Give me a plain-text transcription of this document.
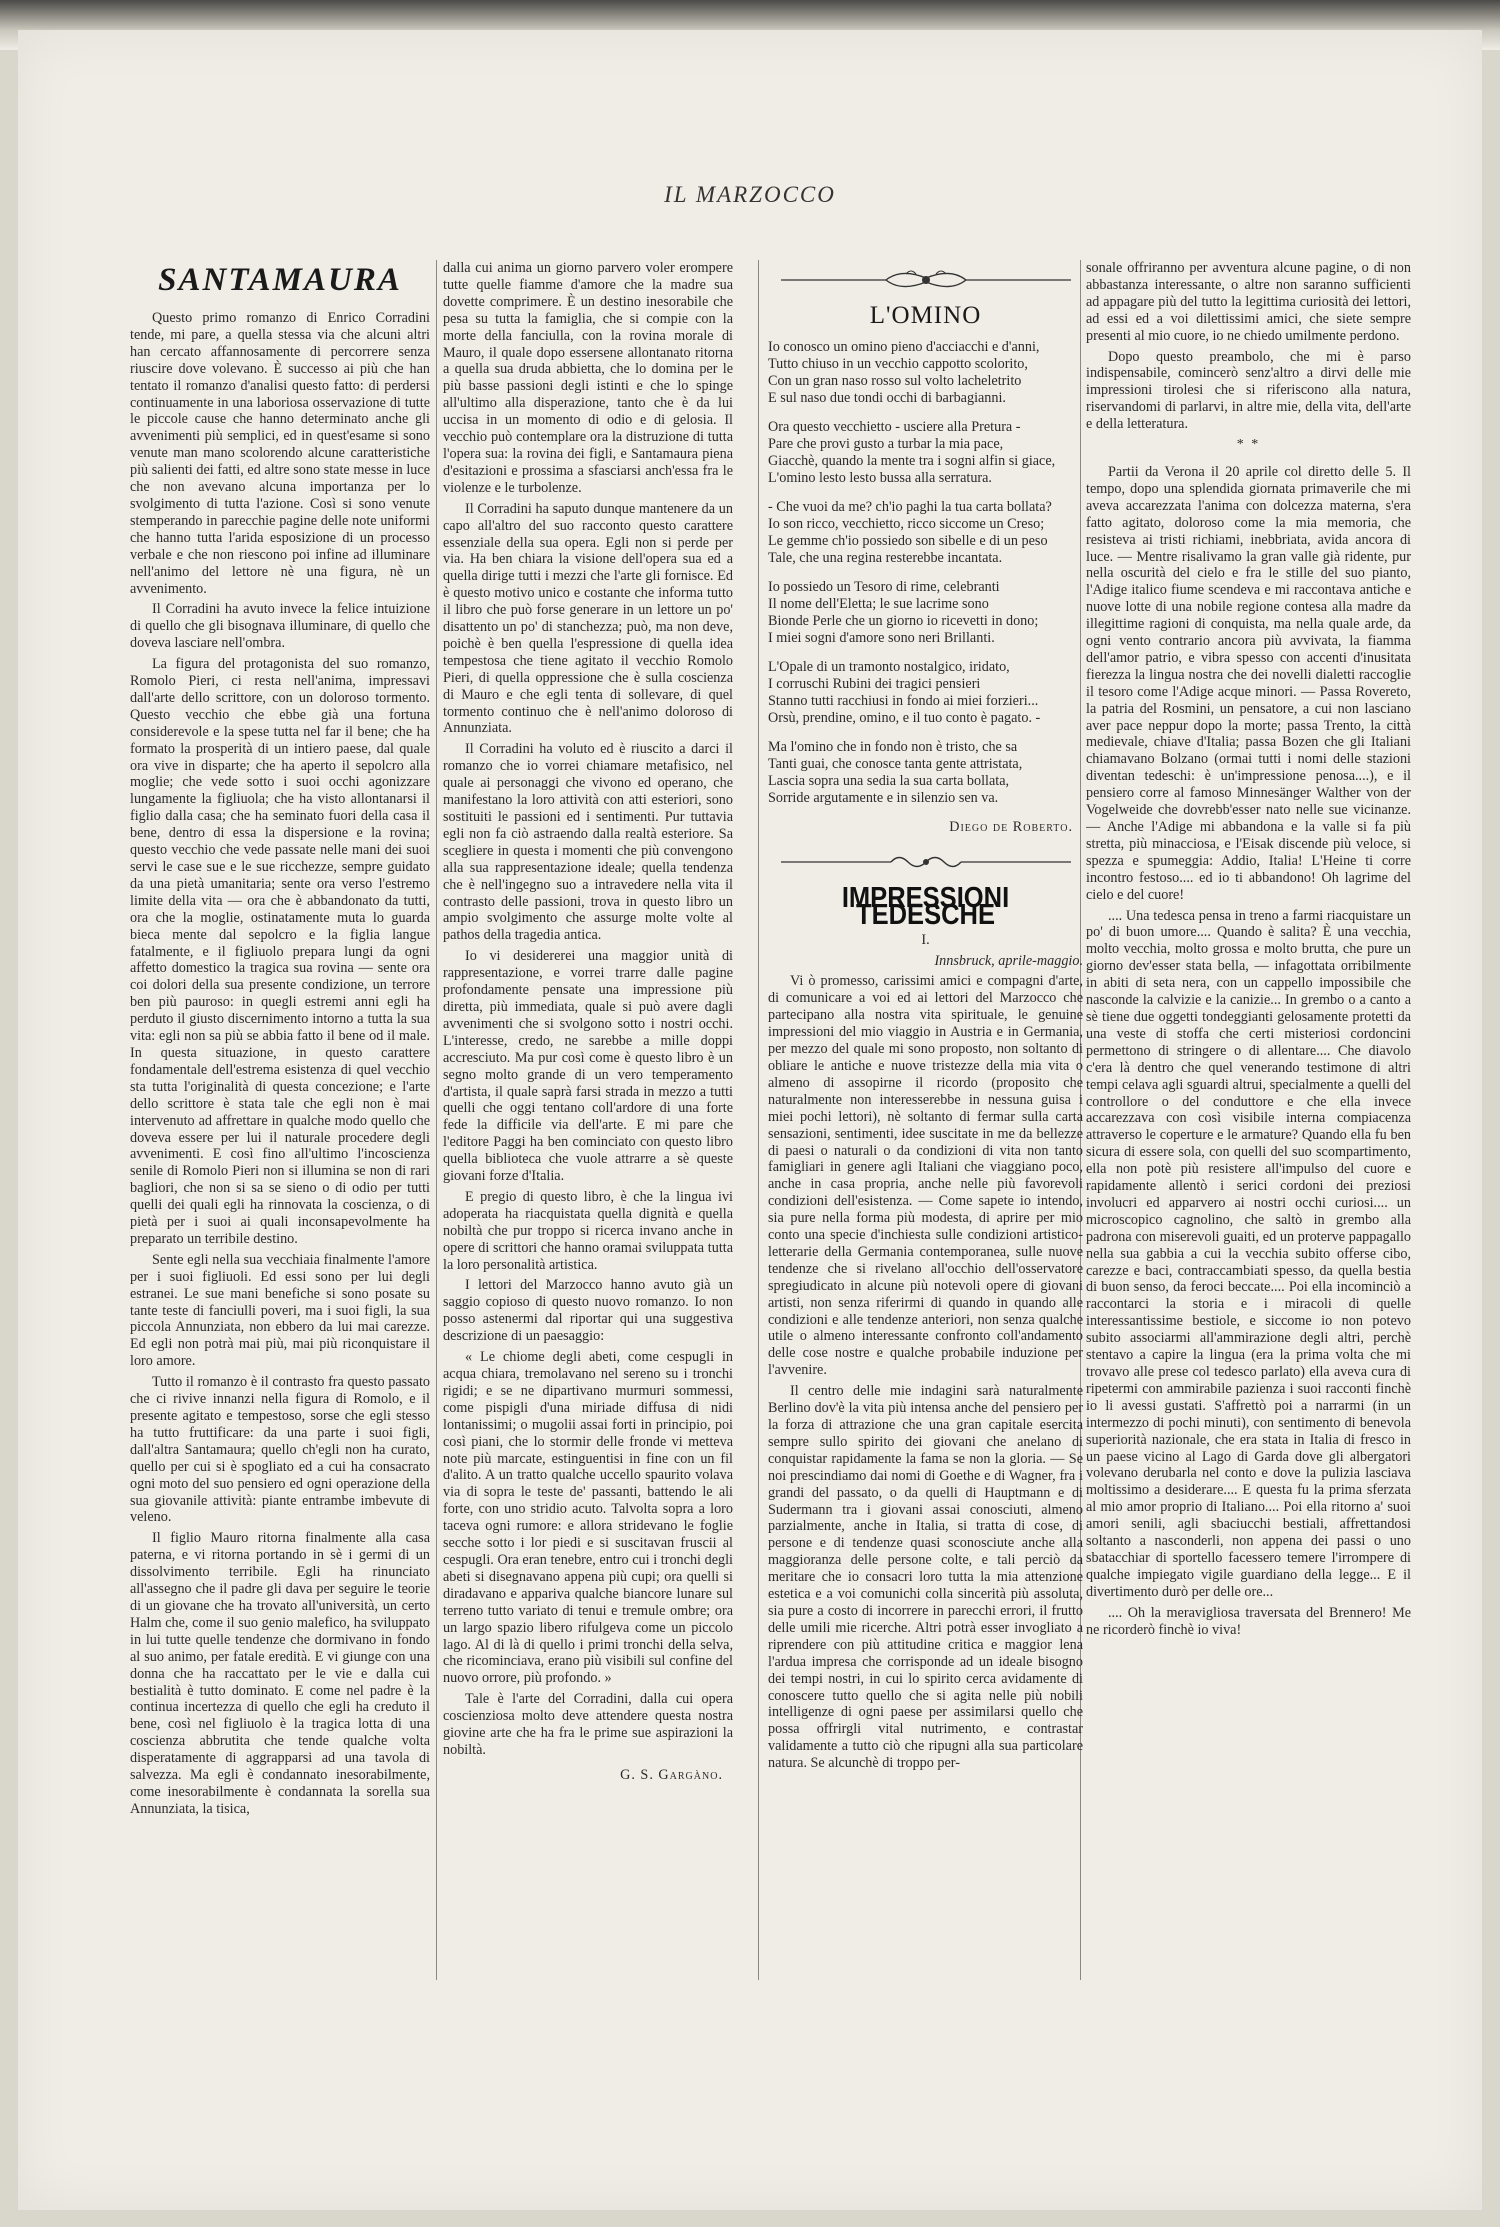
IL MARZOCCO
SANTAMAURA

Questo primo romanzo di Enrico Corradini tende, mi pare, a quella stessa via che alcuni altri han cercato affannosamente di percorrere senza riuscire dove volevano. È successo ai più che han tentato il romanzo d'analisi questo fatto: di perdersi continuamente in una laboriosa osservazione di tutte le piccole cause che hanno determinato anche gli avvenimenti più semplici, ed in quest'esame si sono venute man mano scolorendo alcune caratteristiche più salienti dei fatti, ed altre sono state messe in luce che non avevano alcuna importanza per lo svolgimento di tutta l'azione. Così si sono venute stemperando in parecchie pagine delle note uniformi che hanno tutta l'arida esposizione di un processo verbale e che non riescono poi infine ad illuminare nell'animo del lettore nè una figura, nè un avvenimento.

Il Corradini ha avuto invece la felice intuizione di quello che gli bisognava illuminare, di quello che doveva lasciare nell'ombra.

La figura del protagonista del suo romanzo, Romolo Pieri, ci resta nell'anima, impressavi dall'arte dello scrittore, con un doloroso tormento. Questo vecchio che ebbe già una fortuna considerevole e la spese tutta nel far il bene; che ha formato la prosperità di un intiero paese, dal quale ora vive in disparte; che ha aperto il sepolcro alla moglie; che vede sotto i suoi occhi agonizzare lungamente la figliuola; che ha visto allontanarsi il figlio dalla casa; che ha seminato fuori della casa il bene, dentro di essa la dispersione e la rovina; questo vecchio che vede passate nelle mani dei suoi servi le case sue e le sue ricchezze, sempre guidato da una pietà umanitaria; sente ora verso l'estremo limite della vita — ora che è abbandonato da tutti, ora che la moglie, ostinatamente muta lo guarda bieca mente dal sepolcro e la figlia langue fatalmente, e il figliuolo prepara lungi da ogni affetto domestico la tragica sua rovina — sente ora coi dolori della sua presente condizione, un terrore ben più pauroso: in quegli estremi anni egli ha perduto il giusto discernimento intorno a tutta la sua vita: egli non sa più se abbia fatto il bene od il male. In questa situazione, in questo carattere fondamentale dell'estrema esistenza di quel vecchio sta tutta l'originalità di questa concezione; e l'arte dello scrittore è stata tale che egli non è mai intervenuto ad affrettare in qualche modo quello che doveva essere per lui il naturale procedere degli avvenimenti. E così fino all'ultimo l'incoscienza senile di Romolo Pieri non si illumina se non di rari bagliori, che non si sa se sieno o di odio per tutti quelli dei quali egli ha rinnovata la coscienza, o di pietà per i suoi ai quali inconsapevolmente ha preparato un terribile destino.

Sente egli nella sua vecchiaia finalmente l'amore per i suoi figliuoli. Ed essi sono per lui degli estranei. Le sue mani benefiche si sono posate su tante teste di fanciulli poveri, ma i suoi figli, la sua piccola Annunziata, non ebbero da lui mai carezze. Ed egli non potrà mai più, mai più riconquistare il loro amore.

Tutto il romanzo è il contrasto fra questo passato che ci rivive innanzi nella figura di Romolo, e il presente agitato e tempestoso, sorse che egli stesso ha tutto fruttificare: da una parte i suoi figli, dall'altra Santamaura; quello ch'egli non ha curato, quello per cui si è spogliato ed a cui ha consacrato ogni moto del suo pensiero ed ogni operazione della sua giovanile attività: piante entrambe imbevute di veleno.

Il figlio Mauro ritorna finalmente alla casa paterna, e vi ritorna portando in sè i germi di un dissolvimento terribile. Egli ha rinunciato all'assegno che il padre gli dava per seguire le teorie di un giovane che ha trovato all'università, un certo Halm che, come il suo genio malefico, ha sviluppato in lui tutte quelle tendenze che dormivano in fondo al suo animo, per fatale eredità. E vi giunge con una donna che ha raccattato per le vie e dalla cui bestialità è tutto dominato. E come nel padre è la continua incertezza di quello che egli ha creduto il bene, così nel figliuolo è la tragica lotta di una coscienza abbrutita che tende qualche volta disperatamente di aggrapparsi ad una tavola di salvezza. Ma egli è condannato inesorabilmente, come inesorabilmente è condannata la sorella sua Annunziata, la tisica,

dalla cui anima un giorno parvero voler erompere tutte quelle fiamme d'amore che la madre sua dovette comprimere. È un destino inesorabile che pesa su tutta la famiglia, che si compie con la morte della fanciulla, con la rovina morale di Mauro, il quale dopo essersene allontanato ritorna a quella sua druda abbietta, che lo domina per le più basse passioni degli istinti e che lo spinge all'ultimo alla disperazione, tanto che è da lui uccisa in un momento di odio e di gelosia. Il vecchio può contemplare ora la distruzione di tutta l'opera sua: la rovina dei figli, e Santamaura piena d'esitazioni e prossima a sfasciarsi anch'essa fra le violenze e le turbolenze.

Il Corradini ha saputo dunque mantenere da un capo all'altro del suo racconto questo carattere essenziale della sua opera. Egli non si perde per via. Ha ben chiara la visione dell'opera sua ed a quella dirige tutti i mezzi che l'arte gli fornisce. Ed è questo motivo unico e costante che informa tutto il libro che può forse generare in un lettore un po' disattento un po' di stanchezza; può, ma non deve, poichè è ben quella l'espressione di quella idea tempestosa che tiene agitato il vecchio Romolo Pieri, di quella oppressione che è sulla coscienza di Mauro e che egli tenta di sollevare, di quel tormento continuo che è nell'animo doloroso di Annunziata.

Il Corradini ha voluto ed è riuscito a darci il romanzo che io vorrei chiamare metafisico, nel quale ai personaggi che vivono ed operano, che manifestano la loro attività con atti esteriori, sono sostituiti le passioni ed i sentimenti. Pur tuttavia egli non fa ciò astraendo dalla realtà esteriore. Sa scegliere in questa i momenti che più convengono alla sua rappresentazione ideale; quella tendenza che è nell'ingegno suo a intravedere nella vita il contrasto delle passioni, trova in questo libro un ampio svolgimento che assurge molte volte al pathos della tragedia antica.

Io vi desidererei una maggior unità di rappresentazione, e vorrei trarre dalle pagine profondamente pensate una impressione più diretta, più immediata, quale si può avere dagli avvenimenti che si svolgono sotto i nostri occhi. L'interesse, credo, ne sarebbe a mille doppi accresciuto. Ma pur così come è questo libro è un segno molto grande di un vero temperamento d'artista, il quale saprà farsi strada in mezzo a tutti quelli che oggi tentano coll'ardore di una forte fede la difficile via dell'arte. E mi pare che l'editore Paggi ha ben cominciato con questo libro quella biblioteca che vuole attrarre a sè queste giovani forze d'Italia.

E pregio di questo libro, è che la lingua ivi adoperata ha riacquistata quella dignità e quella nobiltà che pur troppo si ricerca invano anche in opere di scrittori che hanno oramai sviluppata tutta la loro personalità artistica.

I lettori del Marzocco hanno avuto già un saggio copioso di questo nuovo romanzo. Io non posso astenermi dal riportar qui una suggestiva descrizione di un paesaggio:

« Le chiome degli abeti, come cespugli in acqua chiara, tremolavano nel sereno su i tronchi rigidi; e se ne dipartivano murmuri sommessi, come pispigli d'una miriade diffusa di nidi lontanissimi; o mugolii assai forti in principio, poi così piani, che lo stormir delle fronde vi metteva note più marcate, estinguentisi in fine con un fil d'alito. A un tratto qualche uccello spaurito volava via di sopra le teste de' passanti, battendo le ali forte, con uno stridio acuto. Talvolta sopra a loro taceva ogni rumore: e allora stridevano le foglie secche sotto i lor piedi e si suscitavan fruscii al cespugli. Ora eran tenebre, entro cui i tronchi degli abeti si disegnavano appena più cupi; ora quelli si diradavano e appariva qualche biancore lunare sul terreno tutto variato di tenui e tremule ombre; ora un largo spazio libero rifulgeva come un piccolo lago. Al di là di quello i primi tronchi della selva, che ricominciava, erano più visibili sul confine del nuovo orrore, più profondo. »

Tale è l'arte del Corradini, dalla cui opera coscienziosa molto deve attendere questa nostra giovine arte che ha fra le prime sue aspirazioni la nobiltà.

G. S. Gargàno.
L'OMINO
Io conosco un omino pieno d'acciacchi e d'anni,
Tutto chiuso in un vecchio cappotto scolorito,
Con un gran naso rosso sul volto lacheletrito
E sul naso due tondi occhi di barbagianni.
Ora questo vecchietto - usciere alla Pretura -
Pare che provi gusto a turbar la mia pace,
Giacchè, quando la mente tra i sogni alfin si giace,
L'omino lesto lesto bussa alla serratura.
- Che vuoi da me? ch'io paghi la tua carta bollata?
Io son ricco, vecchietto, ricco siccome un Creso;
Le gemme ch'io possiedo son sibelle e di un peso
Tale, che una regina resterebbe incantata.
Io possiedo un Tesoro di rime, celebranti
Il nome dell'Eletta; le sue lacrime sono
Bionde Perle che un giorno io ricevetti in dono;
I miei sogni d'amore sono neri Brillanti.
L'Opale di un tramonto nostalgico, iridato,
I corruschi Rubini dei tragici pensieri
Stanno tutti racchiusi in fondo ai miei forzieri...
Orsù, prendine, omino, e il tuo conto è pagato. -
Ma l'omino che in fondo non è tristo, che sa
Tanti guai, che conosce tanta gente attristata,
Lascia sopra una sedia la sua carta bollata,
Sorride argutamente e in silenzio sen va.
Diego de Roberto.
IMPRESSIONI TEDESCHE

I.

Innsbruck, aprile-maggio.

Vi ò promesso, carissimi amici e compagni d'arte, di comunicare a voi ed ai lettori del Marzocco che partecipano alla nostra vita spirituale, le genuine impressioni del mio viaggio in Austria e in Germania, per mezzo del quale mi sono proposto, non soltanto di obliare le antiche e nuove tristezze della mia vita o almeno di assopirne il ricordo (proposito che naturalmente non interesserebbe in nessuna guisa i miei pochi lettori), nè soltanto di fermar sulla carta sensazioni, sentimenti, idee suscitate in me da bellezze di paesi o naturali o da condizioni di vita non tanto famigliari in genere agli Italiani che viaggiano poco, anche in casa propria, anche nelle più favorevoli condizioni dell'esistenza. — Come sapete io intendo, sia pure nella forma più modesta, di aprire per mio conto una specie d'inchiesta sulle condizioni artistico-letterarie della Germania contemporanea, sulle nuove tendenze che si rivelano all'occhio dell'osservatore spregiudicato in alcune più notevoli opere di giovani artisti, non senza riferirmi di quando in quando alle condizioni e alle tendenze anteriori, non senza qualche utile o almeno interessante confronto coll'andamento delle cose nostre e qualche probabile induzione per l'avvenire.

Il centro delle mie indagini sarà naturalmente Berlino dov'è la vita più intensa anche del pensiero per la forza di attrazione che una gran capitale esercita sempre sullo spirito dei giovani che anelano di conquistar rapidamente la fama se non la gloria. — Se noi prescindiamo dai nomi di Goethe e di Wagner, fra i grandi del passato, o da quelli di Hauptmann e di Sudermann tra i giovani assai conosciuti, almeno parzialmente, anche in Italia, si tratta di cose, di persone e di tendenze quasi sconosciute anche alla maggioranza delle persone colte, e tali perciò da meritare che io consacri loro tutta la mia attenzione estetica e a voi comunichi colla sincerità più assoluta, sia pure a costo di incorrere in parecchi errori, il frutto delle umili mie ricerche. Altri potrà esser invogliato a riprendere con più attitudine critica e maggior lena l'ardua impresa che corrisponde ad un ideale bisogno dei tempi nostri, in cui lo spirito cerca avidamente di conoscere tutto quello che si agita nelle più nobili intelligenze di ogni paese per assimilarsi quello che possa offrirgli vital nutrimento, e contrastar validamente a tutto ciò che ripugni alla sua particolare natura. Se alcunchè di troppo per-

sonale offriranno per avventura alcune pagine, o di non abbastanza interessante, o altre non saranno sufficienti ad appagare più del tutto la legittima curiosità dei lettori, ad essi ed a voi dilettissimi amici, che siete sempre presenti al mio cuore, io ne chiedo umilmente perdono.

Dopo questo preambolo, che mi è parso indispensabile, comincerò senz'altro a dirvi delle mie impressioni tirolesi che si riferiscono alla natura, riservandomi di parlarvi, in altre mie, della vita, dell'arte e della letteratura.

* *

Partii da Verona il 20 aprile col diretto delle 5. Il tempo, dopo una splendida giornata primaverile che mi aveva accarezzata l'anima con dolcezza materna, s'era fatto agitato, doloroso come la mia memoria, che resisteva ai tristi richiami, inebbriata, avida ancora di luce. — Mentre risalivamo la gran valle già ridente, pur nella oscurità del cielo e fra le stille del suo pianto, l'Adige italico fiume scendeva e mi raccontava antiche e nuove lotte di una nobile regione contesa alla madre da illegittime ragioni di conquista, ma nella quale arde, da ogni vento contrario ancora più avvivata, la fiamma dell'amor patrio, e vibra spesso con accenti d'inusitata fierezza la lingua nostra che dei novelli dialetti raccoglie il tesoro come l'Adige acque minori. — Passa Rovereto, la patria del Rosmini, un pensatore, a cui non lasciano aver pace neppur dopo la morte; passa Trento, la città medievale, chiave d'Italia; passa Bozen che gli Italiani chiamavano Bolzano (ormai tutti i nomi delle stazioni diventan tedeschi: è un'impressione penosa....), e il pensiero corre al famoso Minnesänger Walther von der Vogelweide che dovrebb'esser nato nelle sue vicinanze. — Anche l'Adige mi abbandona e la valle si fa più stretta, più minacciosa, e l'Eisak discende più veloce, si spezza e spumeggia: Addio, Italia! L'Heine ti corre incontro festoso.... ed io ti abbandono! Oh lagrime del cielo e del cuore!

.... Una tedesca pensa in treno a farmi riacquistare un po' di buon umore.... Quando è salita? È una vecchia, molto vecchia, molto grossa e molto brutta, che pure un giorno dev'esser stata bella, — infagottata orribilmente in abiti di seta nera, con un cappello impossibile che nasconde la calvizie e la canizie... In grembo o a canto a sè tiene due oggetti tondeggianti gelosamente protetti da una veste di stoffa che certi misteriosi cordoncini permettono di stringere o di allentare.... Che diavolo c'era là dentro che quel venerando testimone di altri tempi celava agli sguardi altrui, specialmente a quelli del controllore o del conduttore e che ella invece accarezzava con così visibile interna compiacenza attraverso le coperture e le armature? Quando ella fu ben sicura di essere sola, con quelli del suo scompartimento, ella non potè più resistere all'impulso del cuore e rapidamente allentò i serici cordoni dei preziosi involucri ed apparvero ai nostri occhi curiosi.... un microscopico cagnolino, che saltò in grembo alla padrona con miserevoli guaiti, ed un proterve pappagallo nella sua gabbia a cui la vecchia subito offerse cibo, carezze e baci, contraccambiati spesso, da quella bestia di buon senso, da feroci beccate.... Poi ella incominciò a raccontarci la storia e i miracoli di quelle interessantissime bestiole, e siccome io non potevo subito associarmi all'ammirazione degli altri, perchè stentavo a capire la lingua (era la prima volta che mi trovavo alle prese col tedesco parlato) ella aveva cura di ripetermi con ammirabile pazienza i suoi racconti finchè io li avessi gustati. S'affrettò poi a narrarmi (in un intermezzo di pochi minuti), con sentimento di benevola superiorità nazionale, che era stata in Italia di fresco in un paese vicino al Lago di Garda dove gli albergatori volevano derubarla nel conto e dove la pulizia lasciava moltissimo a desiderare.... E questa fu la prima sferzata al mio amor proprio di Italiano.... Poi ella ritorno a' suoi amori senili, agli sbaciucchi bestiali, affrettandosi soltanto a nasconderli, non appena dei passi o uno sbatacchiar di sportello facessero temere l'irrompere di qualche impiegato vigile guardiano della legge... E il divertimento durò per delle ore...

.... Oh la meravigliosa traversata del Brennero! Me ne ricorderò finchè io viva!
